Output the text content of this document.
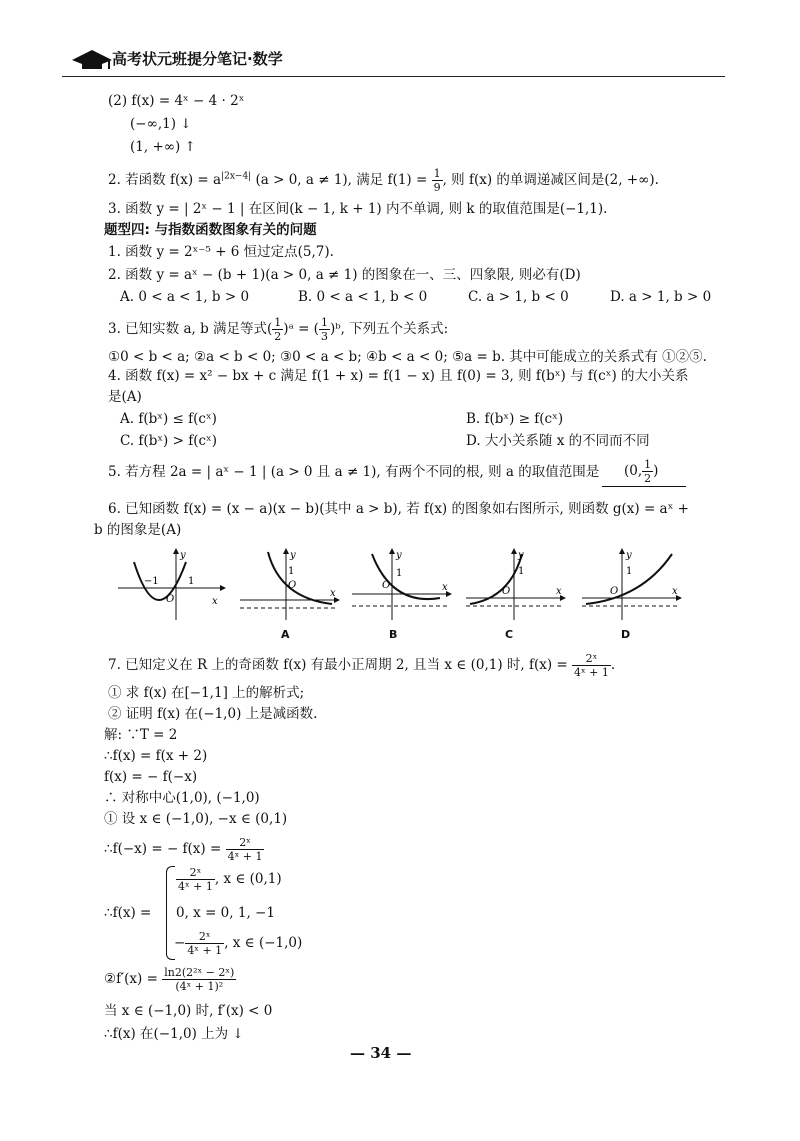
高考状元班提分笔记·数学
(2) f(x) = 4ˣ − 4 · 2ˣ
(−∞,1) ↓
(1, +∞) ↑
2. 若函数 $f(x) = a^{|2x-4|}$ (a > 0, a ≠ 1), 满足 $f(1) = \frac{1}{9}$ , 则 f(x) 的单调递减区间是(2, +∞).
3. 函数 y = | 2ˣ − 1 | 在区间(k − 1, k + 1) 内不单调, 则 k 的取值范围是(−1,1).
题型四: 与指数函数图象有关的问题
1. 函数 y = 2ˣ⁻⁵ + 6 恒过定点(5,7).
2. 函数 y = aˣ − (b + 1)(a > 0, a ≠ 1) 的图象在一、三、四象限, 则必有(D)
A. 0 < a < 1, b > 0	B. 0 < a < 1, b < 0	C. a > 1, b < 0	D. a > 1, b > 0
3. 已知实数 a, b 满足等式( $\frac{1}{2}$ )ᵃ = ( $\frac{1}{3}$ )ᵇ, 下列五个关系式:
①0 < b < a; ②a < b < 0; ③0 < a < b; ④b < a < 0; ⑤a = b. 其中可能成立的关系式有 ①②⑤.
4. 函数 f(x) = x² − bx + c 满足 f(1 + x) = f(1 − x) 且 f(0) = 3, 则 f(bˣ) 与 f(cˣ) 的大小关系
是(A)
A. f(bˣ) ≤ f(cˣ)	B. f(bˣ) ≥ f(cˣ)
C. f(bˣ) > f(cˣ)	D. 大小关系随 x 的不同而不同
5. 若方程 2a = | aˣ − 1 | (a > 0 且 a ≠ 1), 有两个不同的根, 则 a 的取值范围是 (0, $\frac{1}{2}$ )
6. 已知函数 f(x) = (x − a)(x − b)(其中 a > b), 若 f(x) 的图象如右图所示, 则函数 g(x) = aˣ +
b 的图象是(A)
−1	1
O	x
y
1
O
y
x
A
1
O
y
x
B
1
O
y
x
C
1
O
y
x
D
7. 已知定义在 R 上的奇函数 f(x) 有最小正周期 2, 且当 x ∈ (0,1) 时, $f(x) = \frac{\text{2ˣ}}{\text{4ˣ + 1}}$ .
① 求 f(x) 在[−1,1] 上的解析式;
② 证明 f(x) 在(−1,0) 上是减函数.
解: ∵T = 2
∴f(x) = f(x + 2)
f(x) = − f(−x)
∴ 对称中心(1,0), (−1,0)
① 设 x ∈ (−1,0), −x ∈ (0,1)
∴f(−x) = − $f(x) = \frac{\text{2ˣ}}{\text{4ˣ + 1}}$
∴f(x) =
$\frac{\text{2ˣ}}{\text{4ˣ + 1}}$ , x ∈ (0,1)
0, x = 0, 1, −1
− $\frac{\text{2ˣ}}{\text{4ˣ + 1}}$ , x ∈ (−1,0)
②f′(x) = $\frac{\text{ln2(2²ˣ − 2ˣ)}}{\text{(4ˣ + 1)²}}$
当 x ∈ (−1,0) 时, f′(x) < 0
∴f(x) 在(−1,0) 上为 ↓
— 34 —
